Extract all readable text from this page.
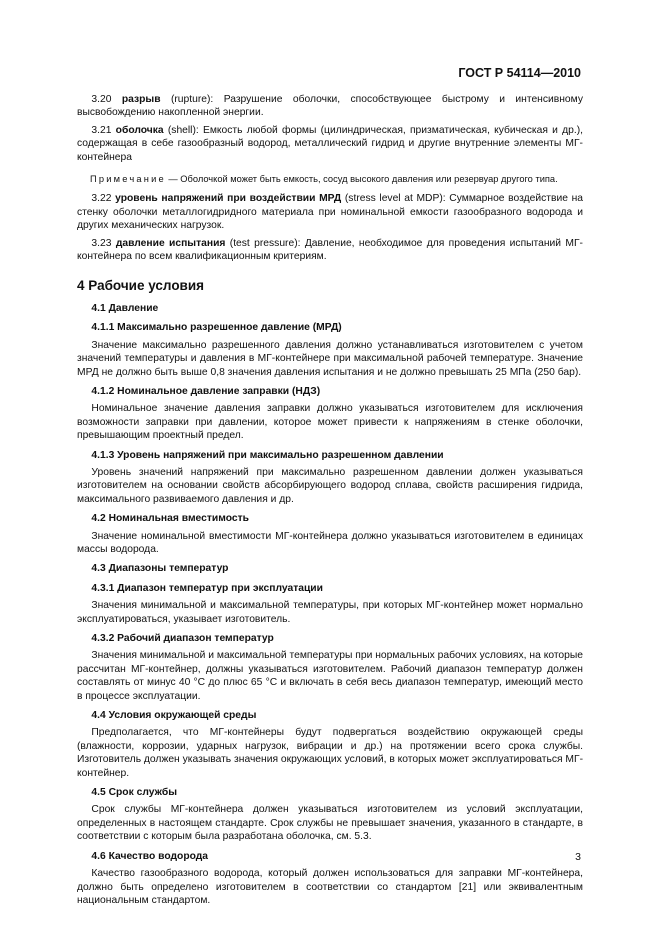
ГОСТ Р 54114—2010

3.20 разрыв (rupture): Разрушение оболочки, способствующее быстрому и интенсивному высвобождению накопленной энергии.

3.21 оболочка (shell): Емкость любой формы (цилиндрическая, призматическая, кубическая и др.), содержащая в себе газообразный водород, металлический гидрид и другие внутренние элементы МГ-контейнера

Примечание — Оболочкой может быть емкость, сосуд высокого давления или резервуар другого типа.

3.22 уровень напряжений при воздействии МРД (stress level at MDP): Суммарное воздействие на стенку оболочки металлогидридного материала при номинальной емкости газообразного водорода и других механических нагрузок.

3.23 давление испытания (test pressure): Давление, необходимое для проведения испытаний МГ-контейнера по всем квалификационным критериям.

4 Рабочие условия

4.1 Давление

4.1.1 Максимально разрешенное давление (МРД)

Значение максимально разрешенного давления должно устанавливаться изготовителем с учетом значений температуры и давления в МГ-контейнере при максимальной рабочей температуре. Значение МРД не должно быть выше 0,8 значения давления испытания и не должно превышать 25 МПа (250 бар).

4.1.2 Номинальное давление заправки (НДЗ)

Номинальное значение давления заправки должно указываться изготовителем для исключения возможности заправки при давлении, которое может привести к напряжениям в стенке оболочки, превышающим проектный предел.

4.1.3 Уровень напряжений при максимально разрешенном давлении

Уровень значений напряжений при максимально разрешенном давлении должен указываться изготовителем на основании свойств абсорбирующего водород сплава, свойств расширения гидрида, максимального развиваемого давления и др.

4.2 Номинальная вместимость

Значение номинальной вместимости МГ-контейнера должно указываться изготовителем в единицах массы водорода.

4.3 Диапазоны температур

4.3.1 Диапазон температур при эксплуатации

Значения минимальной и максимальной температуры, при которых МГ-контейнер может нормально эксплуатироваться, указывает изготовитель.

4.3.2 Рабочий диапазон температур

Значения минимальной и максимальной температуры при нормальных рабочих условиях, на которые рассчитан МГ-контейнер, должны указываться изготовителем. Рабочий диапазон температур должен составлять от минус 40 °С до плюс 65 °С и включать в себя весь диапазон температур, имеющий место в процессе эксплуатации.

4.4 Условия окружающей среды

Предполагается, что МГ-контейнеры будут подвергаться воздействию окружающей среды (влажности, коррозии, ударных нагрузок, вибрации и др.) на протяжении всего срока службы. Изготовитель должен указывать значения окружающих условий, в которых может эксплуатироваться МГ-контейнер.

4.5 Срок службы

Срок службы МГ-контейнера должен указываться изготовителем из условий эксплуатации, определенных в настоящем стандарте. Срок службы не превышает значения, указанного в стандарте, в соответствии с которым была разработана оболочка, см. 5.3.

4.6 Качество водорода

Качество газообразного водорода, который должен использоваться для заправки МГ-контейнера, должно быть определено изготовителем в соответствии со стандартом [21] или эквивалентным национальным стандартом.

3
